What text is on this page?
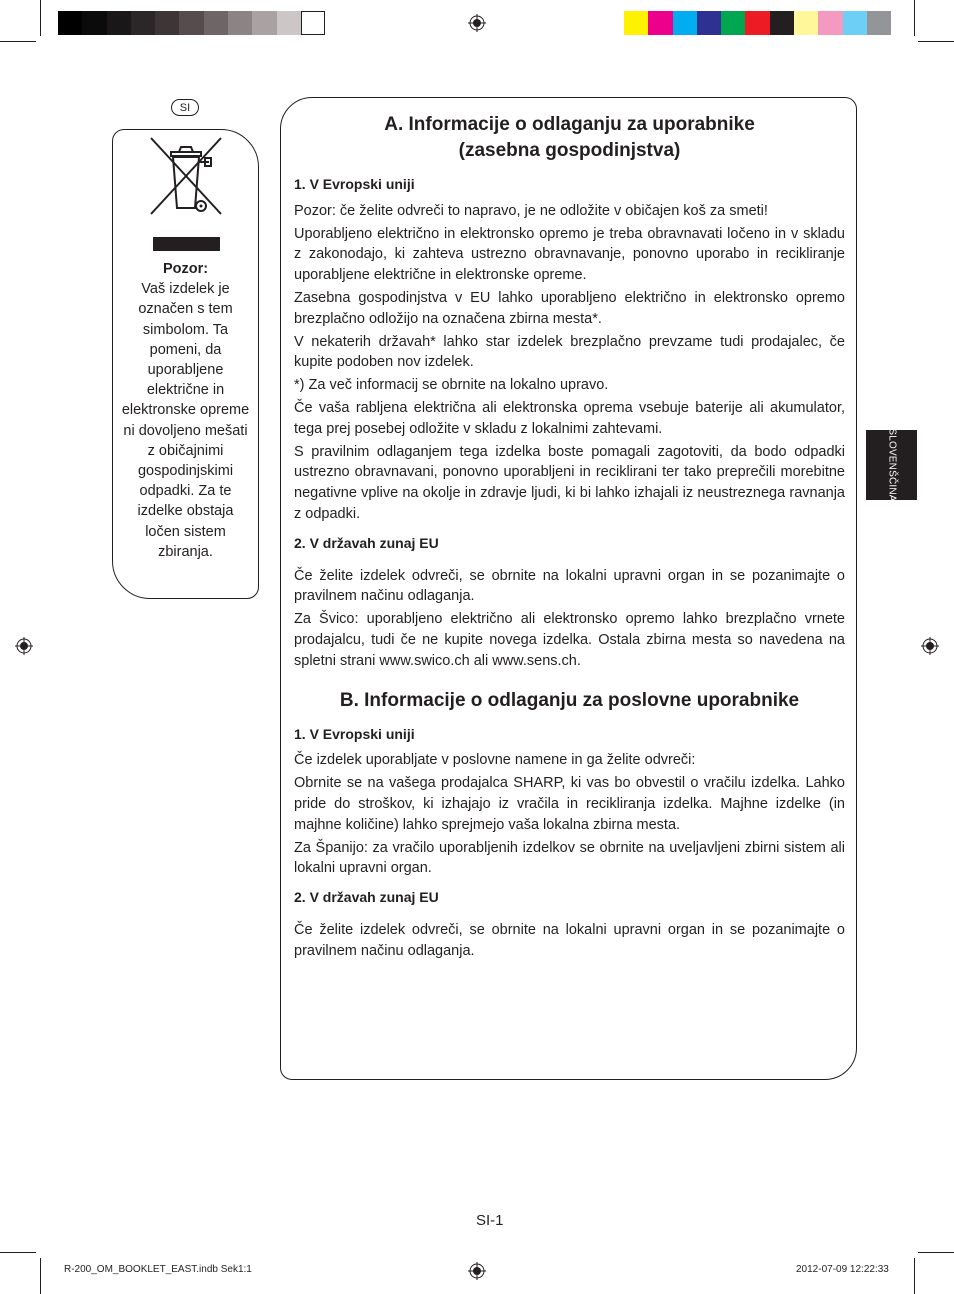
SI
Pozor:
Vaš izdelek je označen s tem simbolom. Ta pomeni, da uporabljene električne in elektronske opreme ni dovoljeno mešati z običajnimi gospodinjskimi odpadki. Za te izdelke obstaja ločen sistem zbiranja.
A. Informacije o odlaganju za uporabnike
(zasebna gospodinjstva)
1. V Evropski uniji
Pozor: če želite odvreči to napravo, je ne odložite v običajen koš za smeti!
Uporabljeno električno in elektronsko opremo je treba obravnavati ločeno in v skladu z zakonodajo, ki zahteva ustrezno obravnavanje, ponovno uporabo in recikliranje uporabljene električne in elektronske opreme.
Zasebna gospodinjstva v EU lahko uporabljeno električno in elektronsko opremo brezplačno odložijo na označena zbirna mesta*.
V nekaterih državah* lahko star izdelek brezplačno prevzame tudi prodajalec, če kupite podoben nov izdelek.
*) Za več informacij se obrnite na lokalno upravo.
Če vaša rabljena električna ali elektronska oprema vsebuje baterije ali akumulator, tega prej posebej odložite v skladu z lokalnimi zahtevami.
S pravilnim odlaganjem tega izdelka boste pomagali zagotoviti, da bodo odpadki ustrezno obravnavani, ponovno uporabljeni in reciklirani ter tako preprečili morebitne negativne vplive na okolje in zdravje ljudi, ki bi lahko izhajali iz neustreznega ravnanja z odpadki.
2. V državah zunaj EU
Če želite izdelek odvreči, se obrnite na lokalni upravni organ in se pozanimajte o pravilnem načinu odlaganja.
Za Švico: uporabljeno električno ali elektronsko opremo lahko brezplačno vrnete prodajalcu, tudi če ne kupite novega izdelka. Ostala zbirna mesta so navedena na spletni strani www.swico.ch ali www.sens.ch.
B. Informacije o odlaganju za poslovne uporabnike
1. V Evropski uniji
Če izdelek uporabljate v poslovne namene in ga želite odvreči:
Obrnite se na vašega prodajalca SHARP, ki vas bo obvestil o vračilu izdelka. Lahko pride do stroškov, ki izhajajo iz vračila in recikliranja izdelka. Majhne izdelke (in majhne količine) lahko sprejmejo vaša lokalna zbirna mesta.
Za Španijo: za vračilo uporabljenih izdelkov se obrnite na uveljavljeni zbirni sistem ali lokalni upravni organ.
2. V državah zunaj EU
Če želite izdelek odvreči, se obrnite na lokalni upravni organ in se pozanimajte o pravilnem načinu odlaganja.
SLOVENŠČINA
SI-1
R-200_OM_BOOKLET_EAST.indb Sek1:1	2012-07-09 12:22:33
